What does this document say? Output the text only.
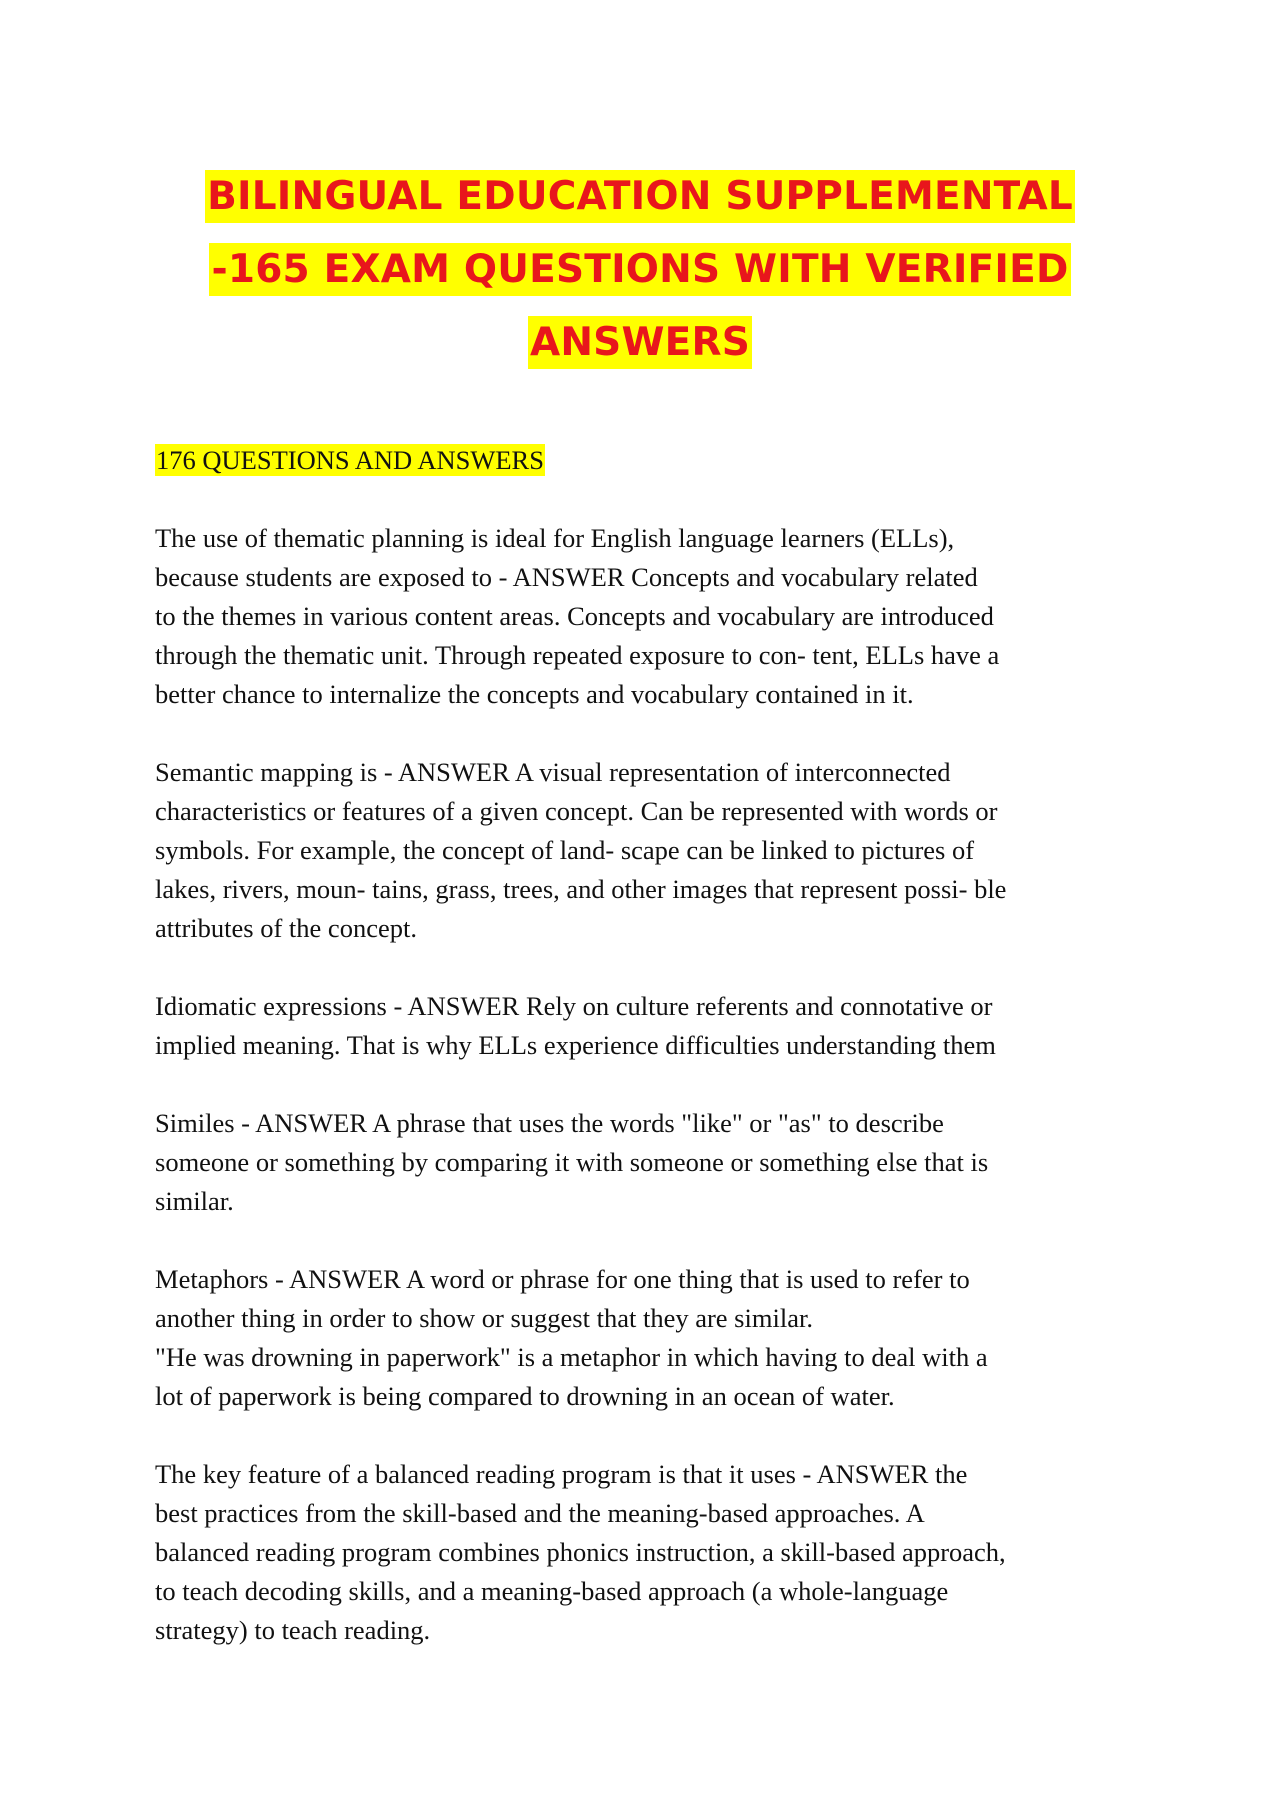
BILINGUAL EDUCATION SUPPLEMENTAL
-165 EXAM QUESTIONS WITH VERIFIED
ANSWERS
176 QUESTIONS AND ANSWERS

The use of thematic planning is ideal for English language learners (ELLs),

because students are exposed to - ANSWER Concepts and vocabulary related

to the themes in various content areas. Concepts and vocabulary are introduced

through the thematic unit. Through repeated exposure to con- tent, ELLs have a

better chance to internalize the concepts and vocabulary contained in it.

Semantic mapping is - ANSWER A visual representation of interconnected

characteristics or features of a given concept. Can be represented with words or

symbols. For example, the concept of land- scape can be linked to pictures of

lakes, rivers, moun- tains, grass, trees, and other images that represent possi- ble

attributes of the concept.

Idiomatic expressions - ANSWER Rely on culture referents and connotative or

implied meaning. That is why ELLs experience difficulties understanding them

Similes - ANSWER A phrase that uses the words "like" or "as" to describe

someone or something by comparing it with someone or something else that is

similar.

Metaphors - ANSWER A word or phrase for one thing that is used to refer to

another thing in order to show or suggest that they are similar.

"He was drowning in paperwork" is a metaphor in which having to deal with a

lot of paperwork is being compared to drowning in an ocean of water.

The key feature of a balanced reading program is that it uses - ANSWER the

best practices from the skill-based and the meaning-based approaches. A

balanced reading program combines phonics instruction, a skill-based approach,

to teach decoding skills, and a meaning-based approach (a whole-language

strategy) to teach reading.
